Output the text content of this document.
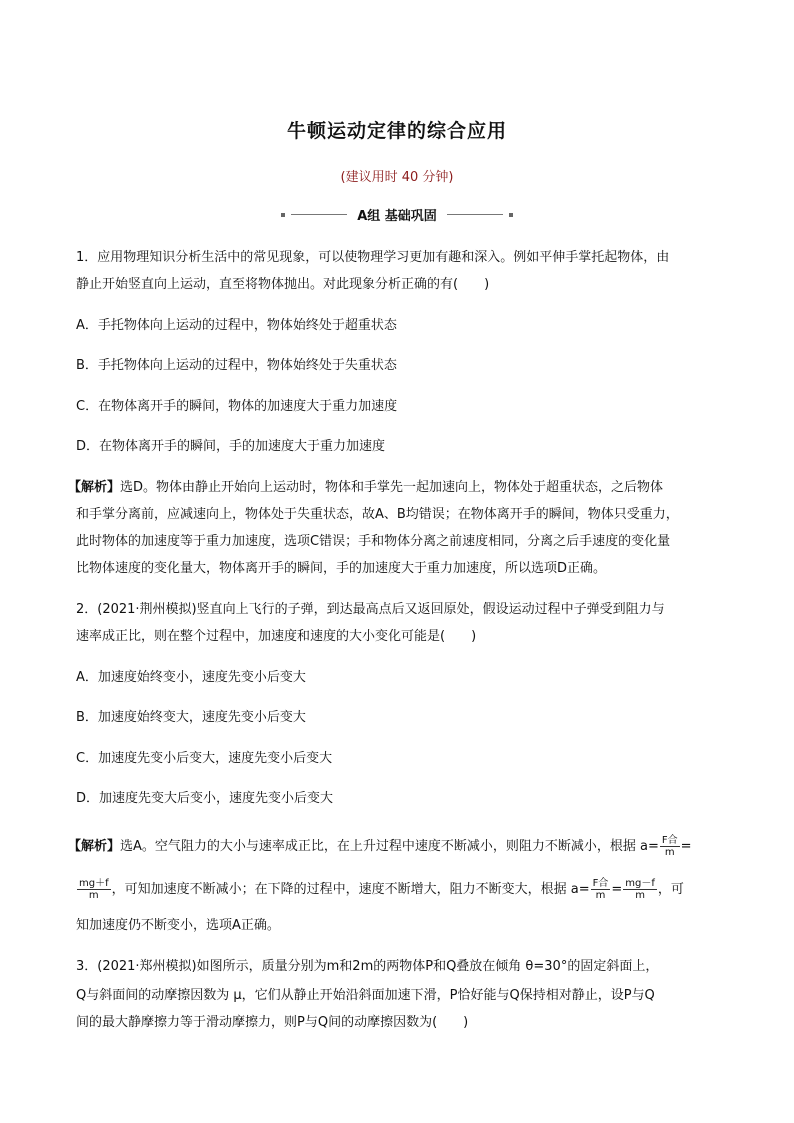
牛顿运动定律的综合应用
(建议用时 40 分钟)
A组 基础巩固
1．应用物理知识分析生活中的常见现象，可以使物理学习更加有趣和深入。例如平伸手掌托起物体，由
静止开始竖直向上运动，直至将物体抛出。对此现象分析正确的有(　　)
A．手托物体向上运动的过程中，物体始终处于超重状态
B．手托物体向上运动的过程中，物体始终处于失重状态
C．在物体离开手的瞬间，物体的加速度大于重力加速度
D．在物体离开手的瞬间，手的加速度大于重力加速度
【解析】选D。物体由静止开始向上运动时，物体和手掌先一起加速向上，物体处于超重状态，之后物体
和手掌分离前，应减速向上，物体处于失重状态，故A、B均错误；在物体离开手的瞬间，物体只受重力，
此时物体的加速度等于重力加速度，选项C错误；手和物体分离之前速度相同，分离之后手速度的变化量
比物体速度的变化量大，物体离开手的瞬间，手的加速度大于重力加速度，所以选项D正确。
2．(2021·荆州模拟)竖直向上飞行的子弹，到达最高点后又返回原处，假设运动过程中子弹受到阻力与
速率成正比，则在整个过程中，加速度和速度的大小变化可能是(　　)
A．加速度始终变小，速度先变小后变大
B．加速度始终变大，速度先变小后变大
C．加速度先变小后变大，速度先变小后变大
D．加速度先变大后变小，速度先变小后变大
【解析】选A。空气阻力的大小与速率成正比，在上升过程中速度不断减小，则阻力不断减小，根据 $a= \frac{\text{F合}}{m}$ =
$\frac{mg+f}{m}$ ，可知加速度不断减小；在下降的过程中，速度不断增大，阻力不断变大，根据 $a= \frac{\text{F合}}{m} = \frac{mg-f}{m}$ ，可
知加速度仍不断变小，选项A正确。
3．(2021·郑州模拟)如图所示，质量分别为m和2m的两物体P和Q叠放在倾角 θ=30°的固定斜面上，
Q与斜面间的动摩擦因数为 μ，它们从静止开始沿斜面加速下滑，P恰好能与Q保持相对静止，设P与Q
间的最大静摩擦力等于滑动摩擦力，则P与Q间的动摩擦因数为(　　)
